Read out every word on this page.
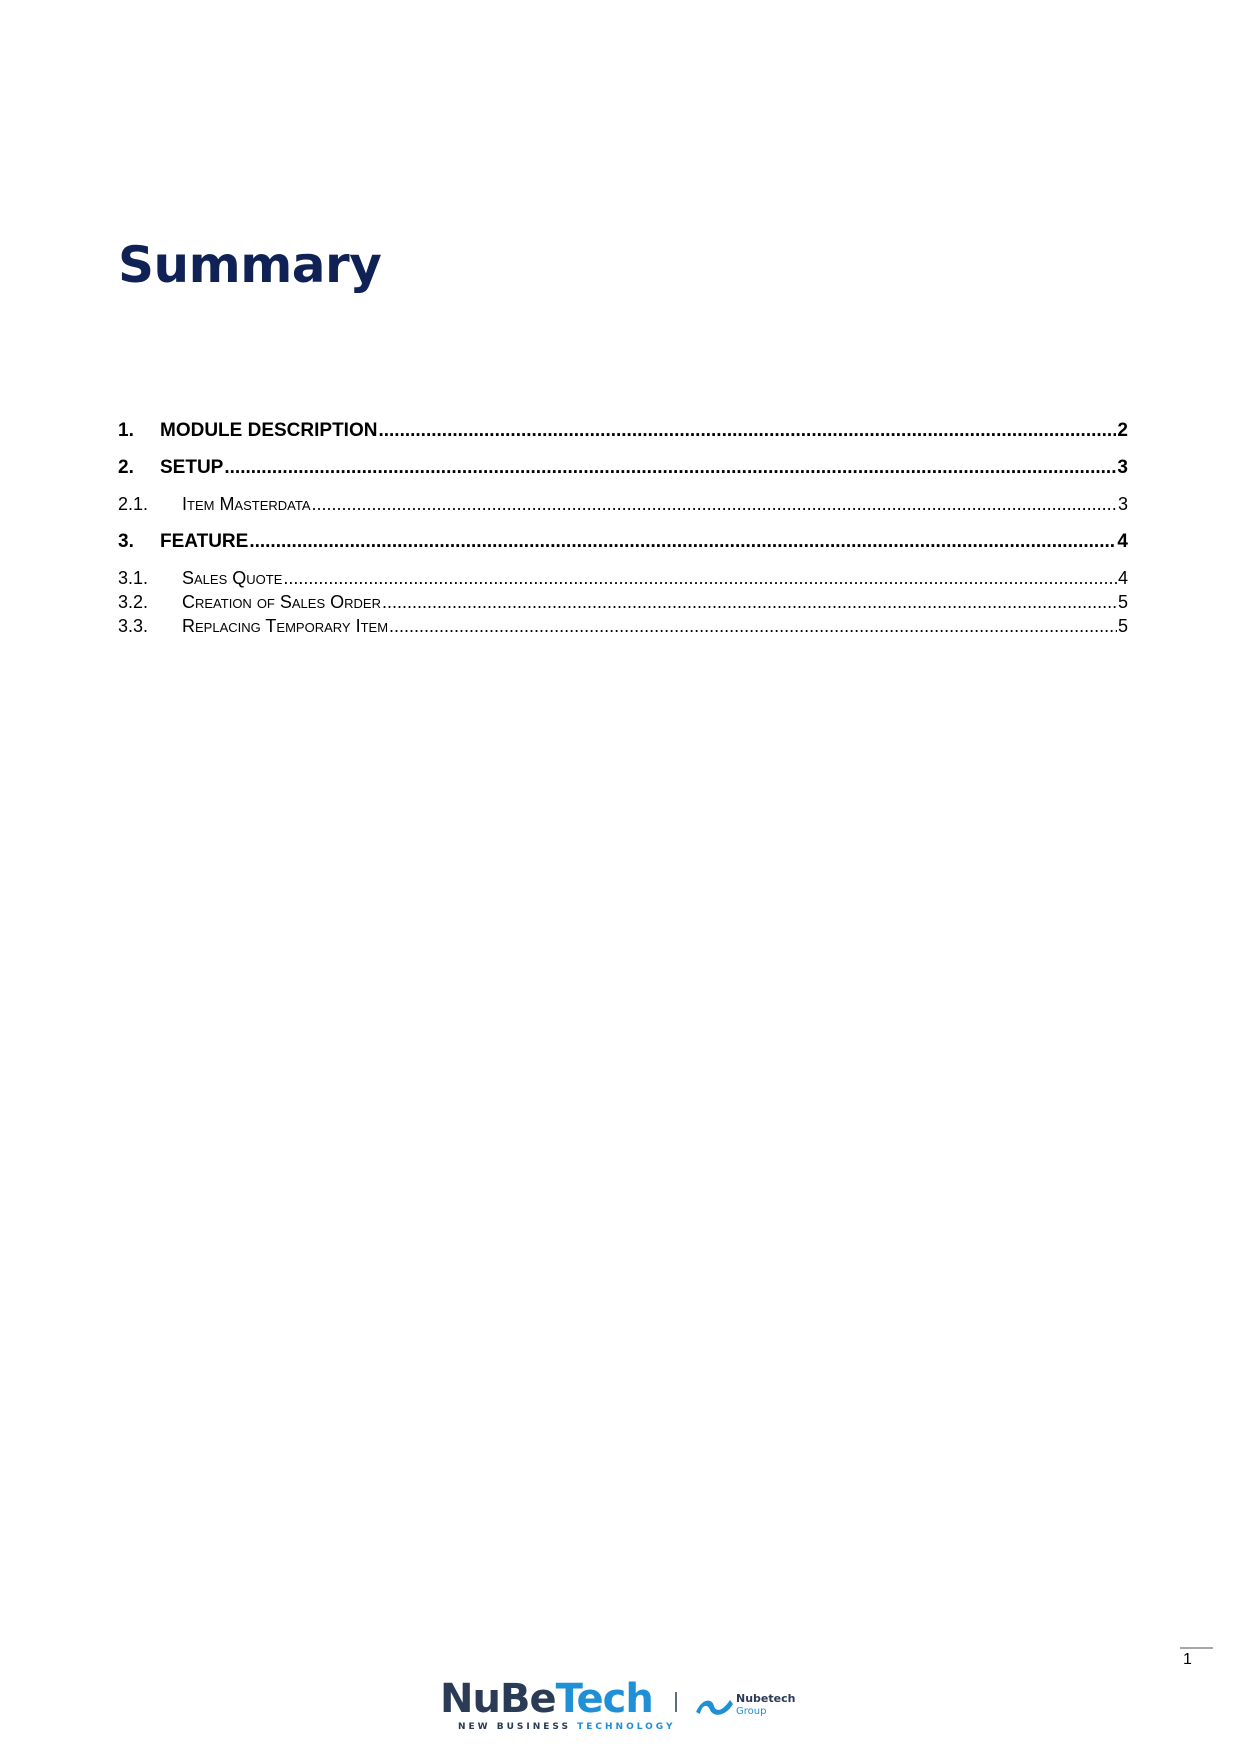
Summary
1.	MODULE DESCRIPTION .....	2
2.	SETUP .....	3
2.1.	Item Masterdata .....	3
3.	FEATURE .....	4
3.1.	Sales Quote .....	4
3.2.	Creation of Sales Order .....	5
3.3.	Replacing Temporary Item .....	5
1
NuBeTech
NEW BUSINESS TECHNOLOGY
Nubetech
Group
